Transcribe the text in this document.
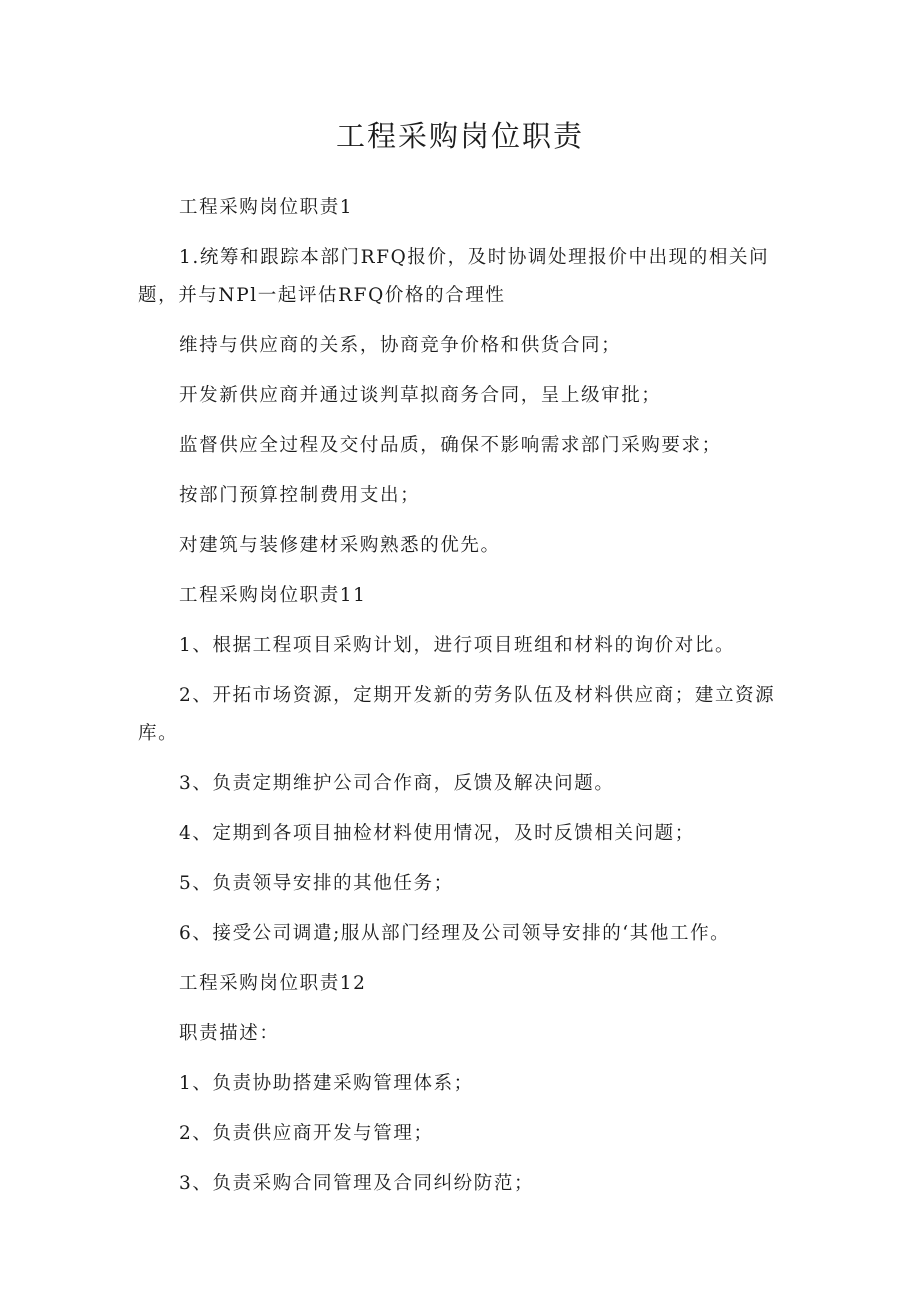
工程采购岗位职责

工程采购岗位职责1

1.统筹和跟踪本部门RFQ报价，及时协调处理报价中出现的相关问

题，并与NPl一起评估RFQ价格的合理性

维持与供应商的关系，协商竞争价格和供货合同；

开发新供应商并通过谈判草拟商务合同，呈上级审批；

监督供应全过程及交付品质，确保不影响需求部门采购要求；

按部门预算控制费用支出；

对建筑与装修建材采购熟悉的优先。

工程采购岗位职责11

1、根据工程项目采购计划，进行项目班组和材料的询价对比。

2、开拓市场资源，定期开发新的劳务队伍及材料供应商；建立资源

库。

3、负责定期维护公司合作商，反馈及解决问题。

4、定期到各项目抽检材料使用情况，及时反馈相关问题；

5、负责领导安排的其他任务；

6、接受公司调遣;服从部门经理及公司领导安排的‘其他工作。

工程采购岗位职责12

职责描述：

1、负责协助搭建采购管理体系；

2、负责供应商开发与管理；

3、负责采购合同管理及合同纠纷防范；
